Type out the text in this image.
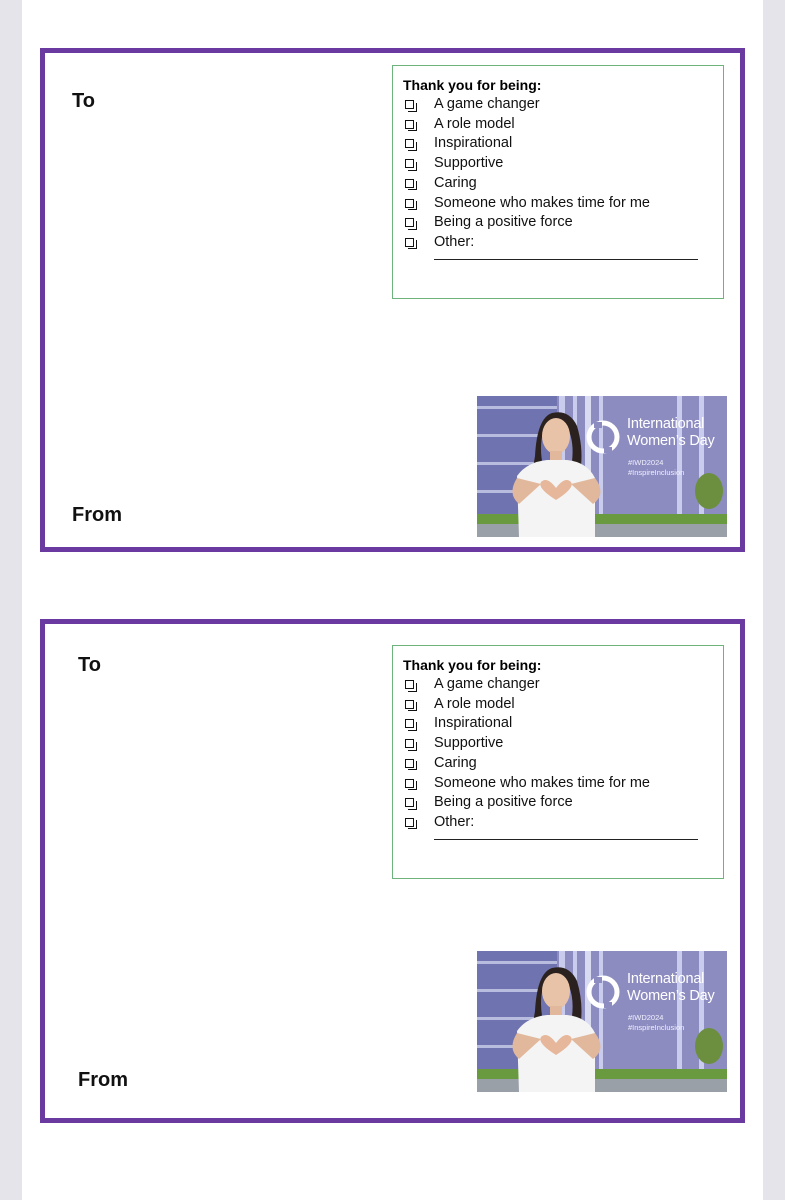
To
From
Thank you for being:
A game changer
A role model
Inspirational
Supportive
Caring
Someone who makes time for me
Being a positive force
Other:
International
Women’s Day
#IWD2024
#InspireInclusion
To
From
Thank you for being:
A game changer
A role model
Inspirational
Supportive
Caring
Someone who makes time for me
Being a positive force
Other:
International
Women’s Day
#IWD2024
#InspireInclusion
